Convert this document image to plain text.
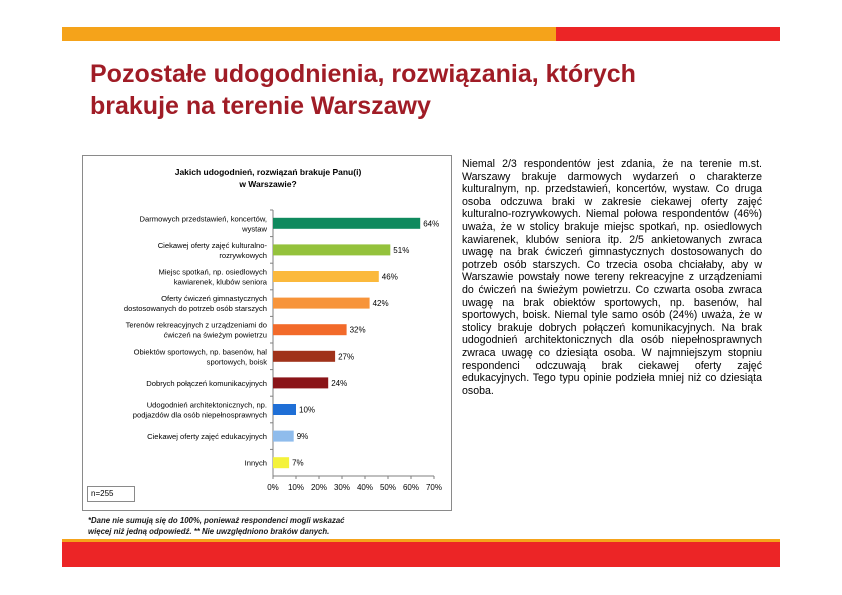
Pozostałe udogodnienia, rozwiązania, których
brakuje na terenie Warszawy
Jakich udogodnień, rozwiązań brakuje Panu(i)
w Warszawie?
0% 10% 20% 30% 40% 50% 60% 70%
64%
Darmowych przedstawień, koncertów,
wystaw
51%
Ciekawej oferty zajęć kulturalno-
rozrywkowych
46%
Miejsc spotkań, np. osiedlowych
kawiarenek, klubów seniora
42%
Oferty ćwiczeń gimnastycznych
dostosowanych do potrzeb osób starszych
32%
Terenów rekreacyjnych z urządzeniami do
ćwiczeń na świeżym powietrzu
27%
Obiektów sportowych, np. basenów, hal
sportowych, boisk
24%
Dobrych połączeń komunikacyjnych
10%
Udogodnień architektonicznych, np.
podjazdów dla osób niepełnosprawnych
9%
Ciekawej oferty zajęć edukacyjnych
7%
Innych
n=255
Niemal 2/3 respondentów jest zdania, że na terenie m.st. Warszawy brakuje darmowych wydarzeń o charakterze kulturalnym, np. przedstawień, koncertów, wystaw. Co druga osoba odczuwa braki w zakresie ciekawej oferty zajęć kulturalno-rozrywkowych. Niemal połowa respondentów (46%) uważa, że w stolicy brakuje miejsc spotkań, np. osiedlowych kawiarenek, klubów seniora itp. 2/5 ankietowanych zwraca uwagę na brak ćwiczeń gimnastycznych dostosowanych do potrzeb osób starszych. Co trzecia osoba chciałaby, aby w Warszawie powstały nowe tereny rekreacyjne z urządzeniami do ćwiczeń na świeżym powietrzu. Co czwarta osoba zwraca uwagę na brak obiektów sportowych, np. basenów, hal sportowych, boisk. Niemal tyle samo osób (24%) uważa, że w stolicy brakuje dobrych połączeń komunikacyjnych. Na brak udogodnień architektonicznych dla osób niepełnosprawnych zwraca uwagę co dziesiąta osoba. W najmniejszym stopniu respondenci odczuwają brak ciekawej oferty zajęć edukacyjnych. Tego typu opinie podzieła mniej niż co dziesiąta osoba.
*Dane nie sumują się do 100%, ponieważ respondenci mogli wskazać
więcej niż jedną odpowiedź. ** Nie uwzględniono braków danych.
